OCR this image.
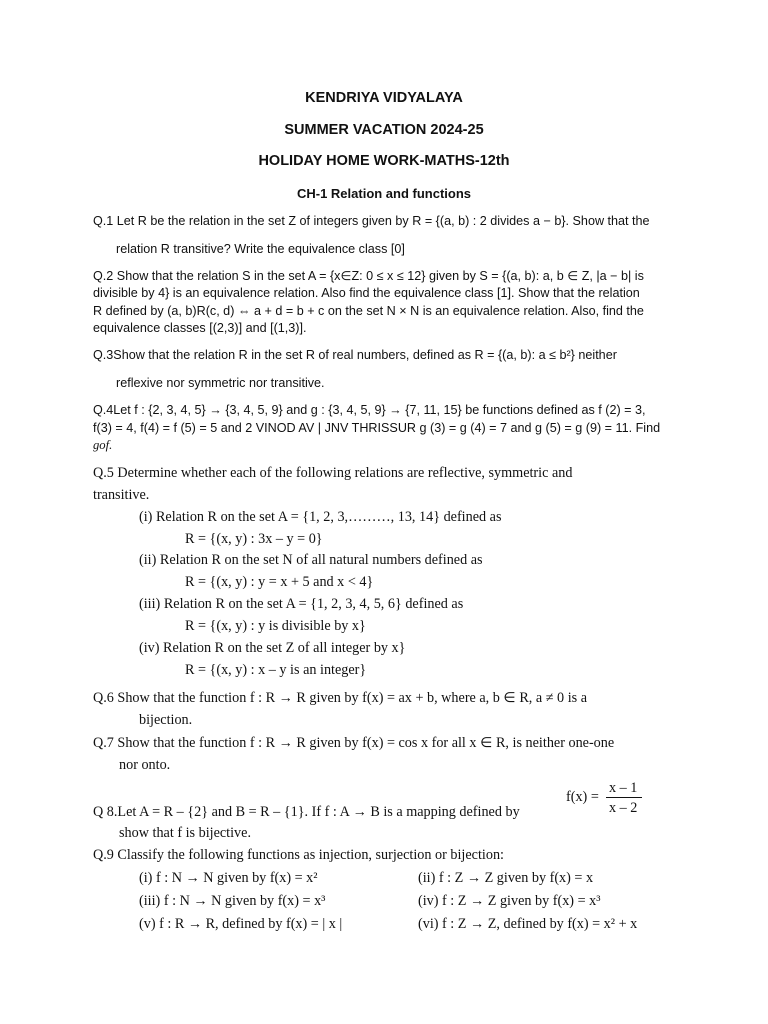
KENDRIYA VIDYALAYA
SUMMER VACATION 2024-25
HOLIDAY HOME WORK-MATHS-12th
CH-1 Relation and functions
Q.1 Let R be the relation in the set Z of integers given by R = {(a, b) : 2 divides a − b}. Show that the
relation R transitive? Write the equivalence class [0]
Q.2 Show that the relation S in the set A = {x∈Z: 0 ≤ x ≤ 12} given by S = {(a, b): a, b ∈ Z, |a − b| is
divisible by 4} is an equivalence relation. Also find the equivalence class [1]. Show that the relation
R defined by (a, b)R(c, d) ⇔ a + d = b + c on the set N × N is an equivalence relation. Also, find the
equivalence classes [(2,3)] and [(1,3)].
Q.3Show that the relation R in the set R of real numbers, defined as R = {(a, b): a ≤ b²} neither
reflexive nor symmetric nor transitive.
Q.4Let f : {2, 3, 4, 5} → {3, 4, 5, 9} and g : {3, 4, 5, 9} → {7, 11, 15} be functions defined as f (2) = 3,
f(3) = 4, f(4) = f (5) = 5 and 2 VINOD AV | JNV THRISSUR g (3) = g (4) = 7 and g (5) = g (9) = 11. Find
gof.
Q.5 Determine whether each of the following relations are reflective, symmetric and
transitive.
(i) Relation R on the set A = {1, 2, 3,………, 13, 14} defined as
R = {(x, y) : 3x – y = 0}
(ii) Relation R on the set N of all natural numbers defined as
R = {(x, y) : y = x + 5 and x < 4}
(iii) Relation R on the set A = {1, 2, 3, 4, 5, 6} defined as
R = {(x, y) : y is divisible by x}
(iv) Relation R on the set Z of all integer by x}
R = {(x, y) : x – y is an integer}
Q.6 Show that the function f : R → R given by f(x) = ax + b, where a, b ∈ R, a ≠ 0 is a
bijection.
Q.7 Show that the function f : R → R given by f(x) = cos x for all x ∈ R, is neither one-one
nor onto.
Q 8.Let A = R – {2} and B = R – {1}. If f : A → B is a mapping defined by
f(x) =
x – 1
x – 2
show that f is bijective.
Q.9 Classify the following functions as injection, surjection or bijection:
(i) f : N → N given by f(x) = x²	(ii) f : Z → Z given by f(x) = x
(iii) f : N → N given by f(x) = x³	(iv) f : Z → Z given by f(x) = x³
(v) f : R → R, defined by f(x) = | x |	(vi) f : Z → Z, defined by f(x) = x² + x
